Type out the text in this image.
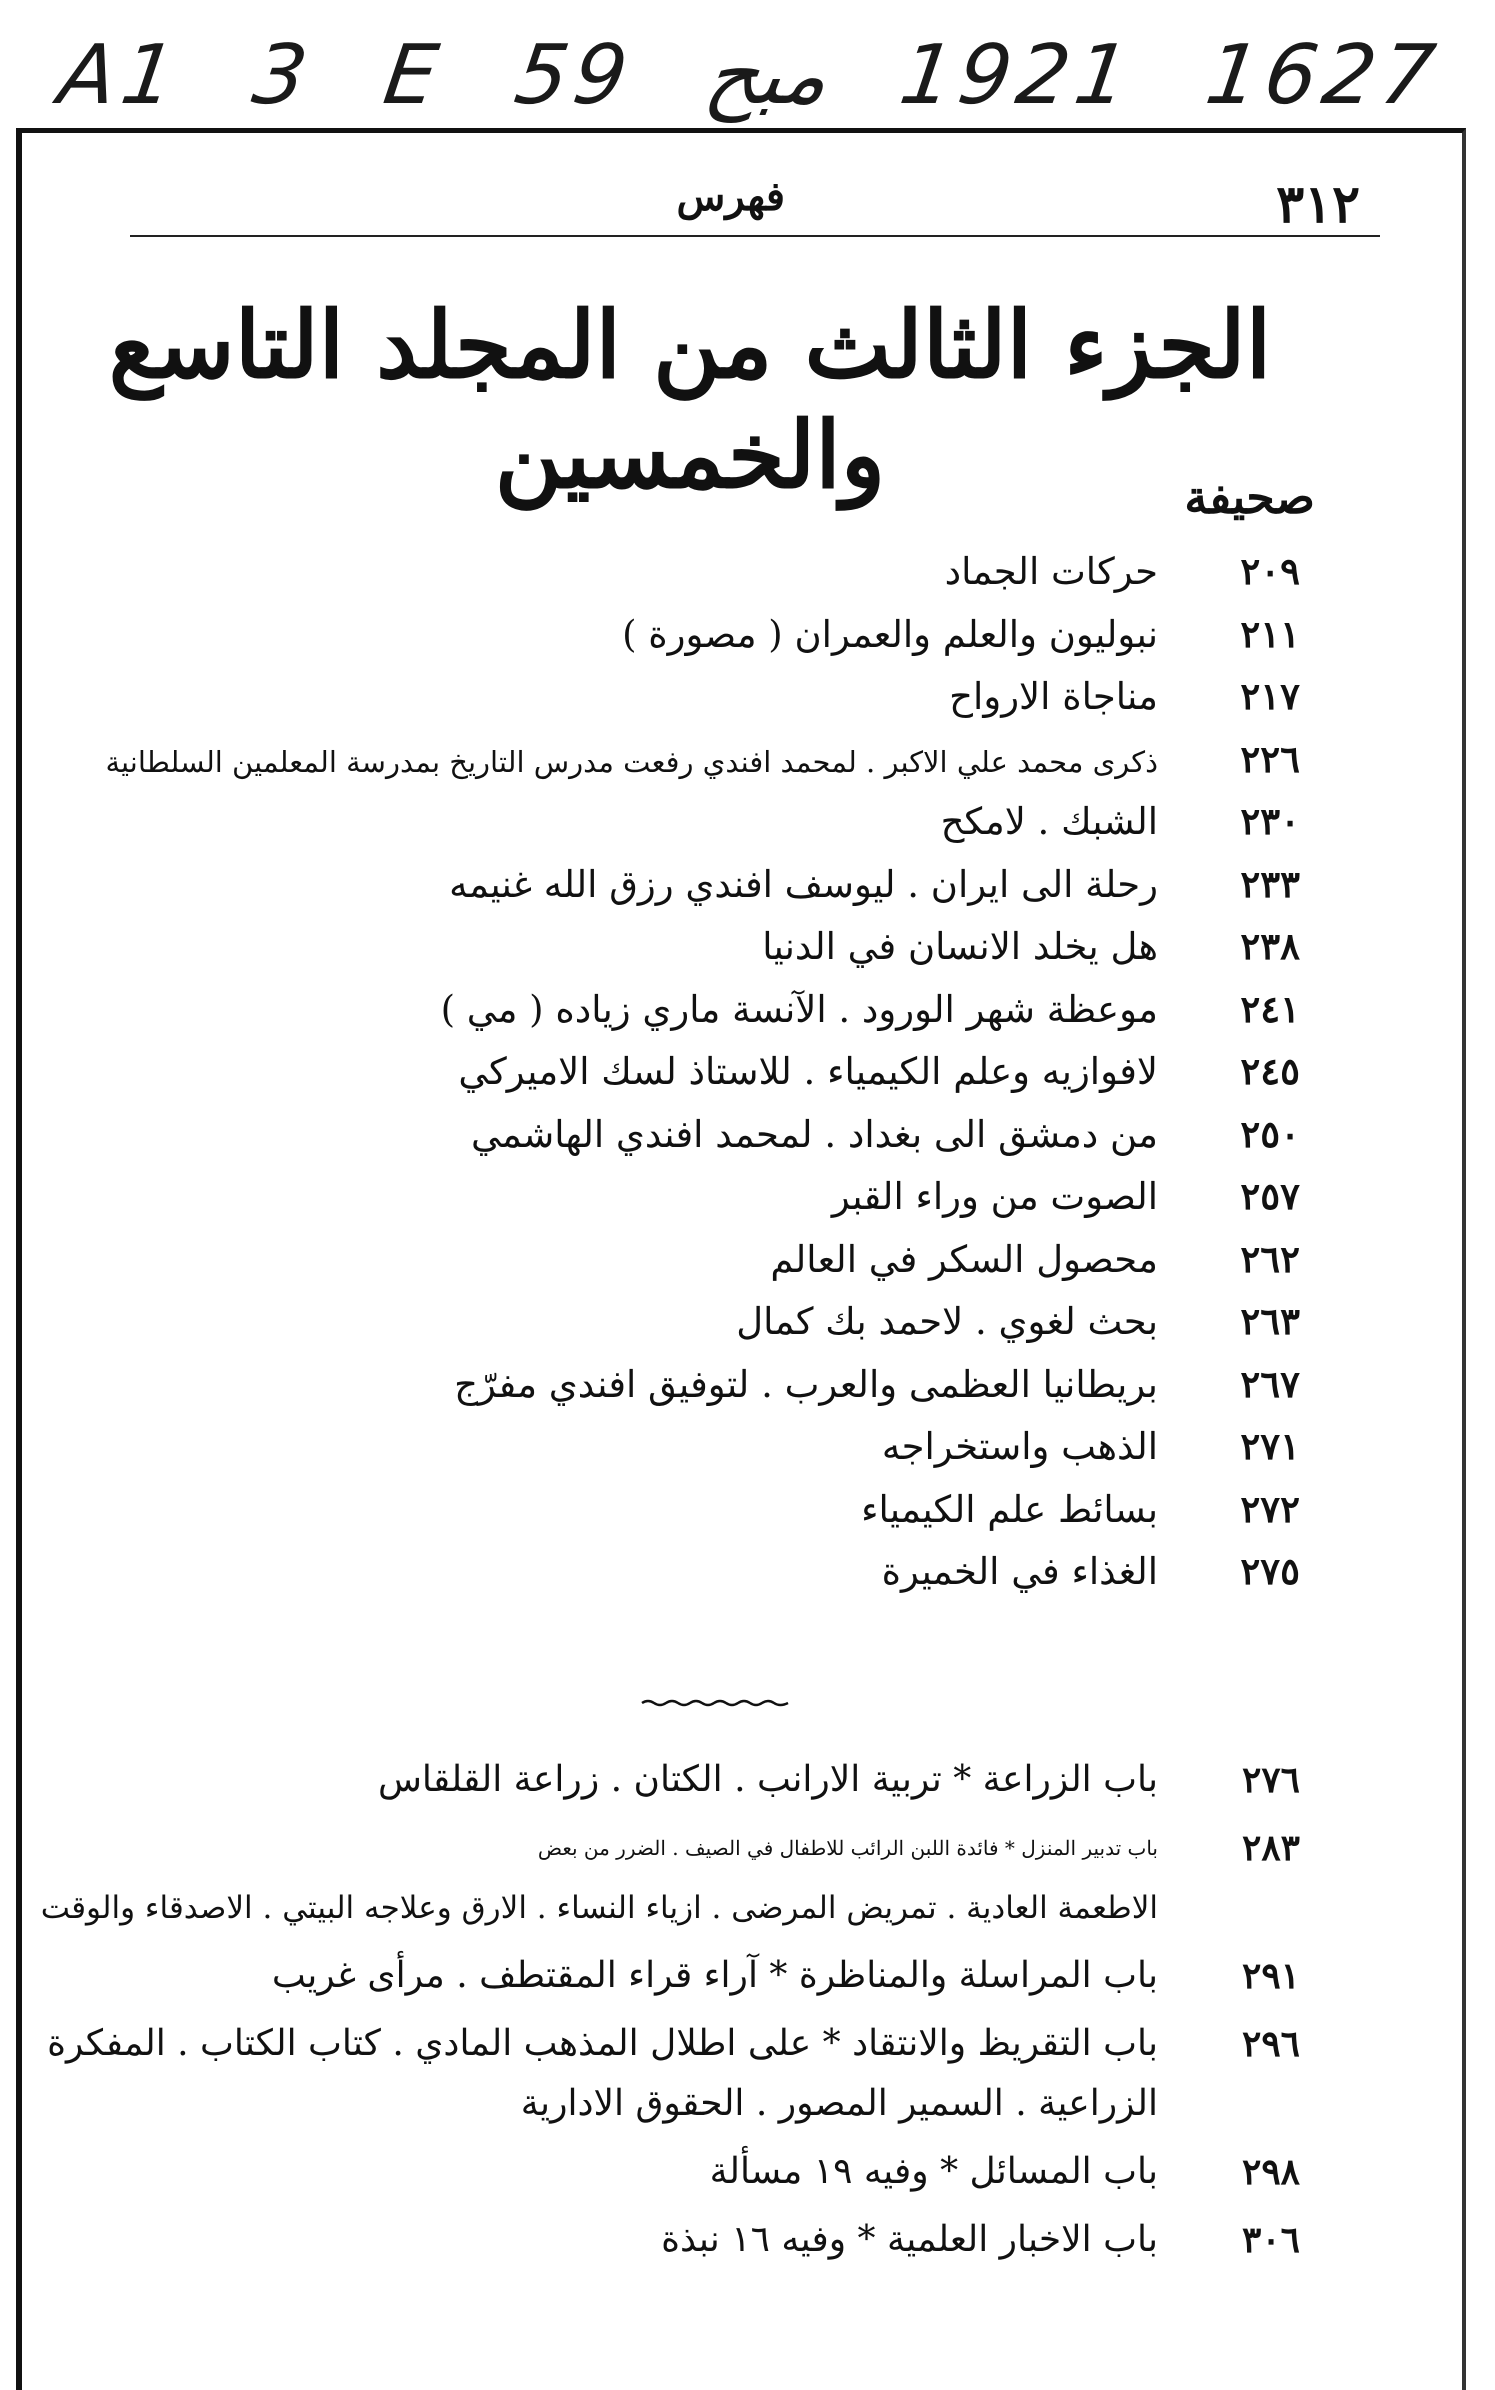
A1 3 E 59 مبح 1921 1627
٣١٢
فهرس
الجزء الثالث من المجلد التاسع والخمسين	صحيفة
٢٠٩
حركات الجماد
٢١١
نبوليون والعلم والعمران ( مصورة )
٢١٧
مناجاة الارواح
٢٢٦
ذكرى محمد علي الاكبر . لمحمد افندي رفعت مدرس التاريخ بمدرسة المعلمين السلطانية
٢٣٠
الشبك . لامكح
٢٣٣
رحلة الى ايران . ليوسف افندي رزق الله غنيمه
٢٣٨
هل يخلد الانسان في الدنيا
٢٤١
موعظة شهر الورود . الآنسة ماري زياده ( مي )
٢٤٥
لافوازيه وعلم الكيمياء . للاستاذ لسك الاميركي
٢٥٠
من دمشق الى بغداد . لمحمد افندي الهاشمي
٢٥٧
الصوت من وراء القبر
٢٦٢
محصول السكر في العالم
٢٦٣
بحث لغوي . لاحمد بك كمال
٢٦٧
بريطانيا العظمى والعرب . لتوفيق افندي مفرّج
٢٧١
الذهب واستخراجه
٢٧٢
بسائط علم الكيمياء
٢٧٥
الغذاء في الخميرة
٢٧٦
باب الزراعة * تربية الارانب . الكتان . زراعة القلقاس
٢٨٣
باب تدبير المنزل * فائدة اللبن الرائب للاطفال في الصيف . الضرر من بعض
الاطعمة العادية . تمريض المرضى . ازياء النساء . الارق وعلاجه البيتي . الاصدقاء والوقت
٢٩١
باب المراسلة والمناظرة * آراء قراء المقتطف . مرأى غريب
٢٩٦
باب التقريظ والانتقاد * على اطلال المذهب المادي . كتاب الكتاب . المفكرة
الزراعية . السمير المصور . الحقوق الادارية
٢٩٨
باب المسائل * وفيه ١٩ مسألة
٣٠٦
باب الاخبار العلمية * وفيه ١٦ نبذة
